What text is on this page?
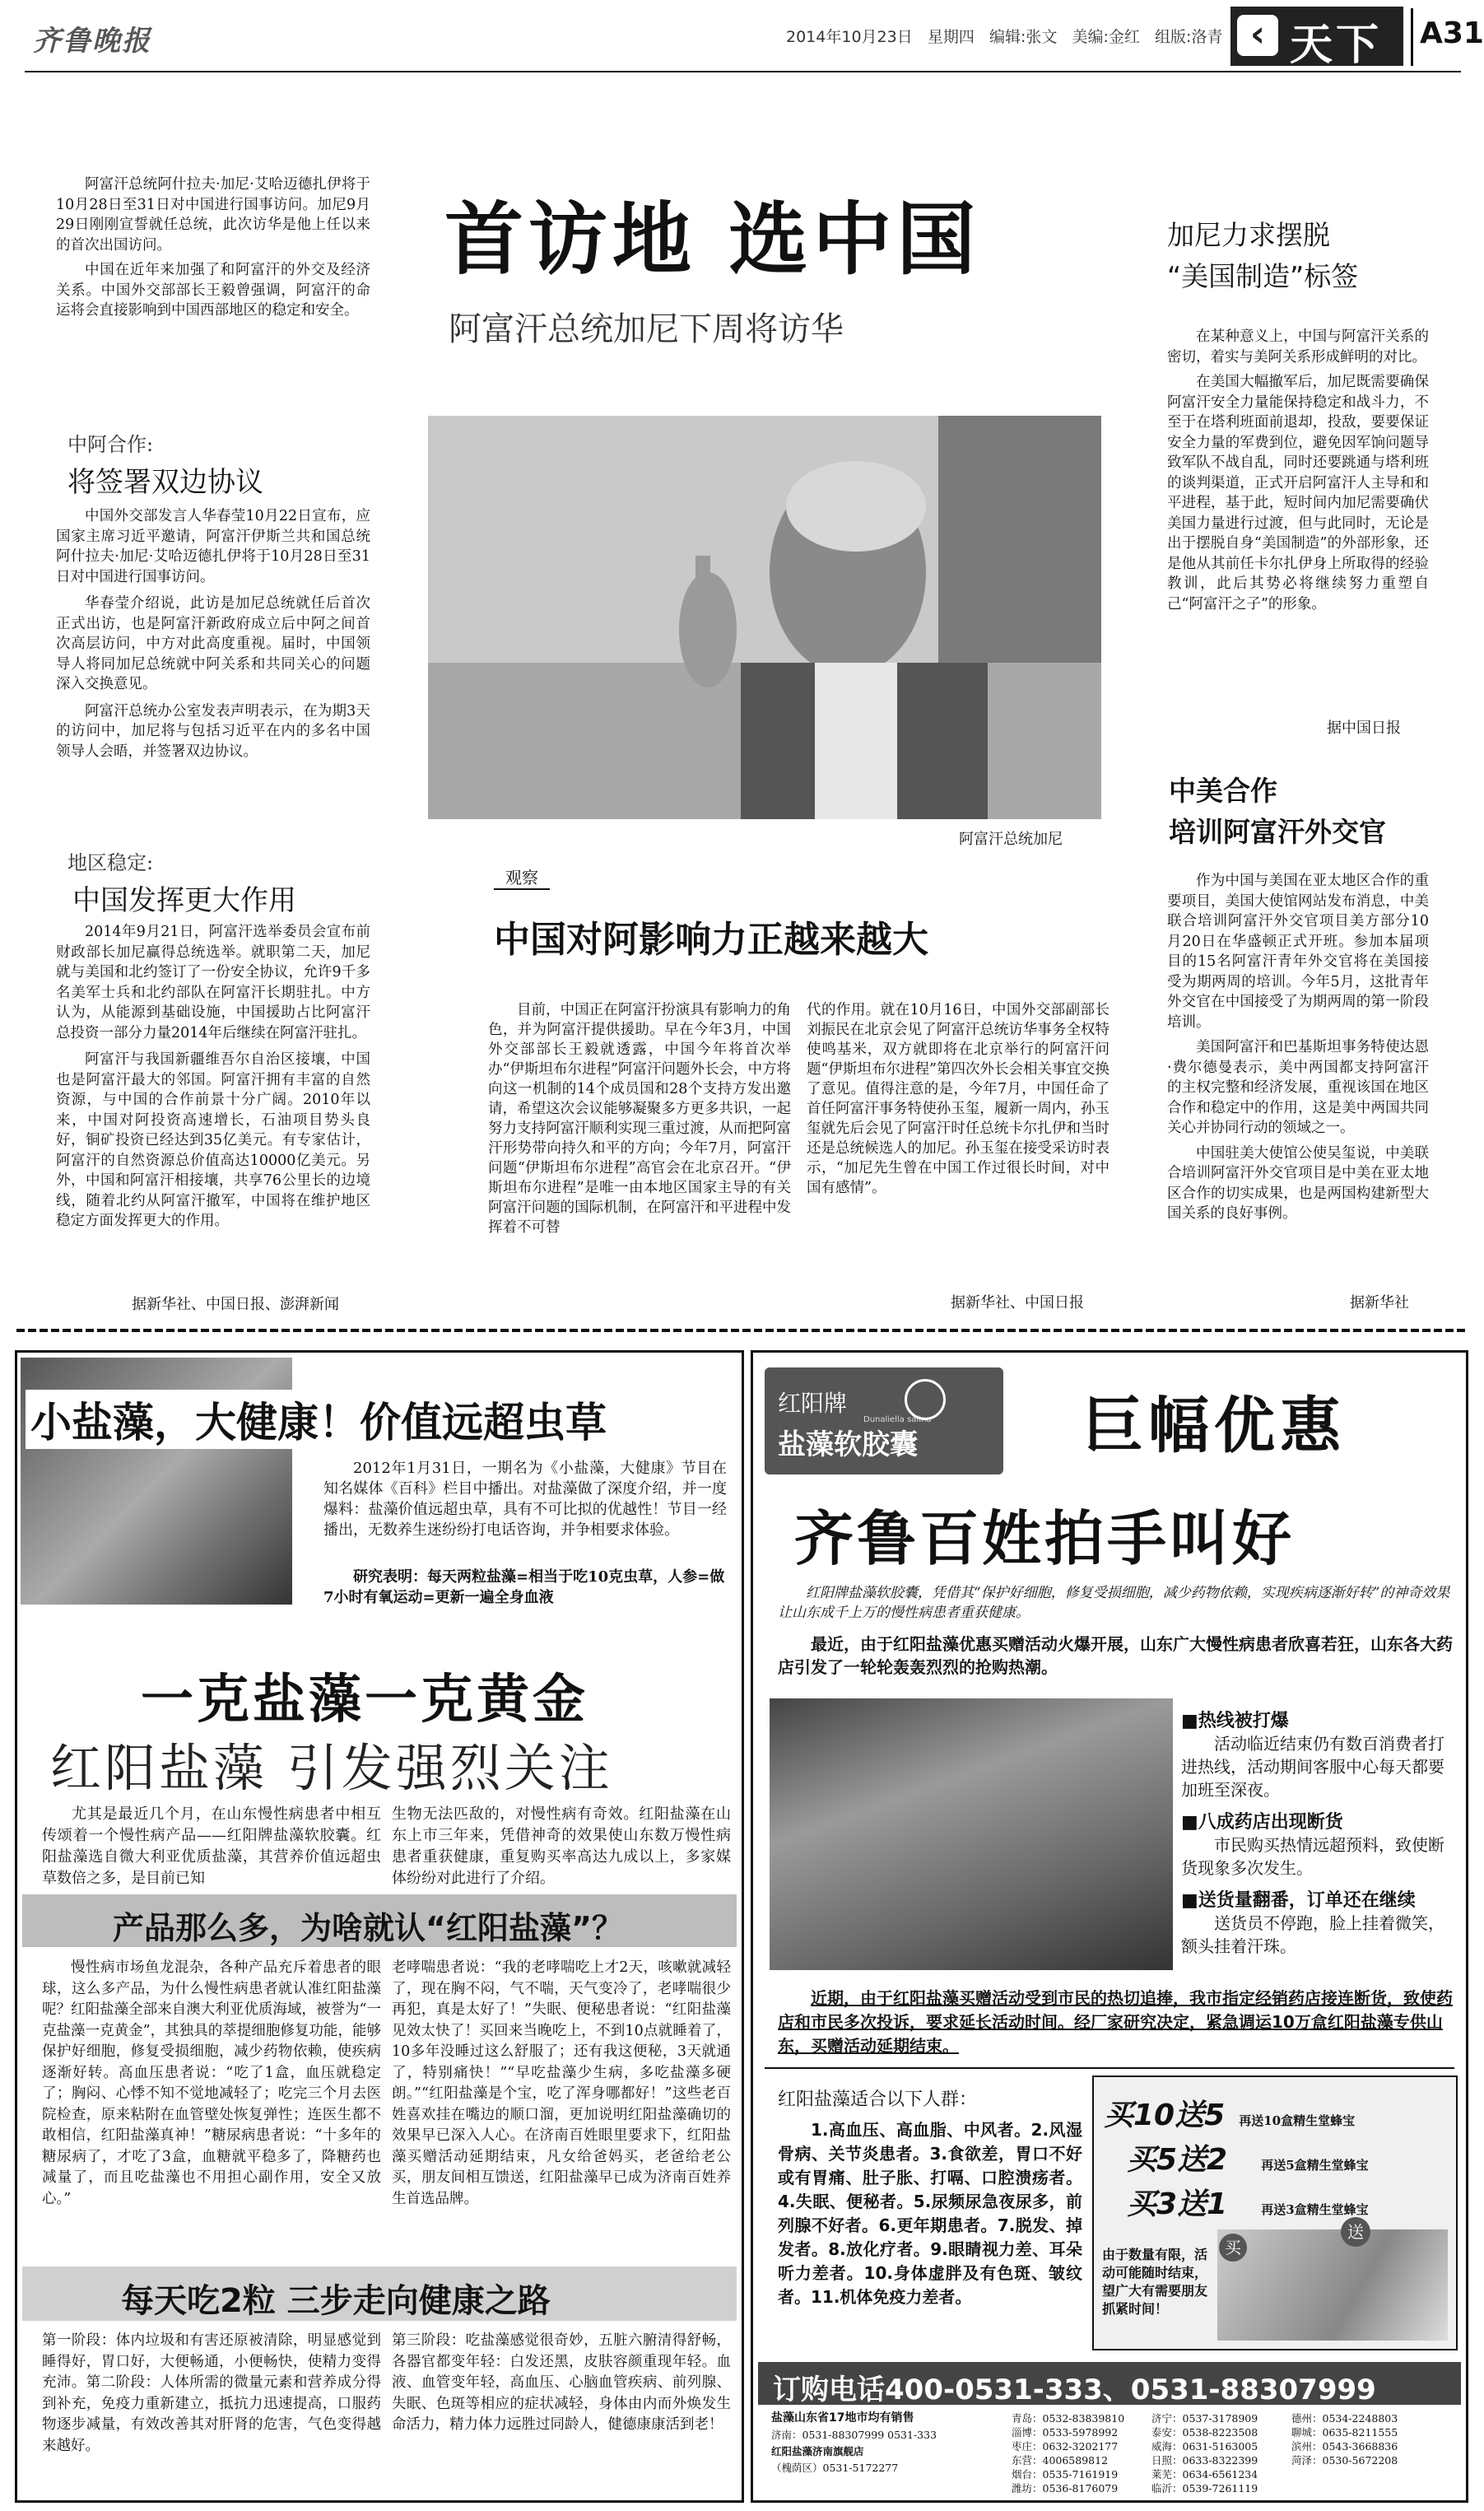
齐鲁晚报	2014年10月23日 星期四 编辑:张文 美编:金红 组版:洛青 ‹ 天下 A31

阿富汗总统阿什拉夫·加尼·艾哈迈德扎伊将于10月28日至31日对中国进行国事访问。加尼9月29日刚刚宣誓就任总统，此次访华是他上任以来的首次出国访问。

中国在近年来加强了和阿富汗的外交及经济关系。中国外交部部长王毅曾强调，阿富汗的命运将会直接影响到中国西部地区的稳定和安全。

中阿合作:
将签署双边协议

中国外交部发言人华春莹10月22日宣布，应国家主席习近平邀请，阿富汗伊斯兰共和国总统阿什拉夫·加尼·艾哈迈德扎伊将于10月28日至31日对中国进行国事访问。

华春莹介绍说，此访是加尼总统就任后首次正式出访，也是阿富汗新政府成立后中阿之间首次高层访问，中方对此高度重视。届时，中国领导人将同加尼总统就中阿关系和共同关心的问题深入交换意见。

阿富汗总统办公室发表声明表示，在为期3天的访问中，加尼将与包括习近平在内的多名中国领导人会晤，并签署双边协议。

地区稳定:
中国发挥更大作用

2014年9月21日，阿富汗选举委员会宣布前财政部长加尼赢得总统选举。就职第二天，加尼就与美国和北约签订了一份安全协议，允许9千多名美军士兵和北约部队在阿富汗长期驻扎。中方认为，从能源到基础设施，中国援助占比阿富汗总投资一部分力量2014年后继续在阿富汗驻扎。

阿富汗与我国新疆维吾尔自治区接壤，中国也是阿富汗最大的邻国。阿富汗拥有丰富的自然资源，与中国的合作前景十分广阔。2010年以来，中国对阿投资高速增长，石油项目势头良好，铜矿投资已经达到35亿美元。有专家估计，阿富汗的自然资源总价值高达10000亿美元。另外，中国和阿富汗相接壤，共享76公里长的边境线，随着北约从阿富汗撤军，中国将在维护地区稳定方面发挥更大的作用。

据新华社、中国日报、澎湃新闻
首访地 选中国
阿富汗总统加尼下周将访华
阿富汗总统加尼
观察
中国对阿影响力正越来越大
目前，中国正在阿富汗扮演具有影响力的角色，并为阿富汗提供援助。早在今年3月，中国外交部部长王毅就透露，中国今年将首次举办“伊斯坦布尔进程”阿富汗问题外长会，中方将向这一机制的14个成员国和28个支持方发出邀请，希望这次会议能够凝聚多方更多共识，一起努力支持阿富汗顺利实现三重过渡，从而把阿富汗形势带向持久和平的方向；今年7月，阿富汗问题“伊斯坦布尔进程”高官会在北京召开。“伊斯坦布尔进程”是唯一由本地区国家主导的有关阿富汗问题的国际机制，在阿富汗和平进程中发挥着不可替
代的作用。就在10月16日，中国外交部副部长刘振民在北京会见了阿富汗总统访华事务全权特使鸣基米，双方就即将在北京举行的阿富汗问题“伊斯坦布尔进程”第四次外长会相关事宜交换了意见。值得注意的是，今年7月，中国任命了首任阿富汗事务特使孙玉玺，履新一周内，孙玉玺就先后会见了阿富汗时任总统卡尔扎伊和当时还是总统候选人的加尼。孙玉玺在接受采访时表示，“加尼先生曾在中国工作过很长时间，对中国有感情”。
据新华社、中国日报
加尼力求摆脱
“美国制造”标签

在某种意义上，中国与阿富汗关系的密切，着实与美阿关系形成鲜明的对比。

在美国大幅撤军后，加尼既需要确保阿富汗安全力量能保持稳定和战斗力，不至于在塔利班面前退却，投敌，要要保证安全力量的军费到位，避免因军饷问题导致军队不战自乱，同时还要跳通与塔利班的谈判渠道，正式开启阿富汗人主导和和平进程，基于此，短时间内加尼需要确伏美国力量进行过渡，但与此同时，无论是出于摆脱自身“美国制造”的外部形象，还是他从其前任卡尔扎伊身上所取得的经验教训，此后其势必将继续努力重塑自己“阿富汗之子”的形象。

据中国日报
中美合作
培训阿富汗外交官

作为中国与美国在亚太地区合作的重要项目，美国大使馆网站发布消息，中美联合培训阿富汗外交官项目美方部分10月20日在华盛顿正式开班。参加本届项目的15名阿富汗青年外交官将在美国接受为期两周的培训。今年5月，这批青年外交官在中国接受了为期两周的第一阶段培训。

美国阿富汗和巴基斯坦事务特使达恩·费尔德曼表示，美中两国都支持阿富汗的主权完整和经济发展，重视该国在地区合作和稳定中的作用，这是美中两国共同关心并协同行动的领域之一。

中国驻美大使馆公使吴玺说，中美联合培训阿富汗外交官项目是中美在亚太地区合作的切实成果，也是两国构建新型大国关系的良好事例。

据新华社
小盐藻，大健康！价值远超虫草
2012年1月31日，一期名为《小盐藻，大健康》节目在知名媒体《百科》栏目中播出。对盐藻做了深度介绍，并一度爆料：盐藻价值远超虫草，具有不可比拟的优越性！节目一经播出，无数养生迷纷纷打电话咨询，并争相要求体验。
研究表明：每天两粒盐藻=相当于吃10克虫草，人参=做7小时有氧运动=更新一遍全身血液
一克盐藻一克黄金
红阳盐藻 引发强烈关注
尤其是最近几个月，在山东慢性病患者中相互传颂着一个慢性病产品——红阳牌盐藻软胶囊。红阳盐藻选自微大利亚优质盐藻，其营养价值远超虫草数倍之多，是目前已知
生物无法匹敌的，对慢性病有奇效。红阳盐藻在山东上市三年来，凭借神奇的效果使山东数万慢性病患者重获健康，重复购买率高达九成以上，多家媒体纷纷对此进行了介绍。
产品那么多，为啥就认“红阳盐藻”？
慢性病市场鱼龙混杂，各种产品充斥着患者的眼球，这么多产品，为什么慢性病患者就认准红阳盐藻呢？红阳盐藻全部来自澳大利亚优质海域，被誉为“一克盐藻一克黄金”，其独具的萃提细胞修复功能，能够保护好细胞，修复受损细胞，减少药物依赖，使疾病逐渐好转。高血压患者说：“吃了1盒，血压就稳定了；胸闷、心悸不知不觉地减轻了；吃完三个月去医院检查，原来粘附在血管壁处恢复弹性；连医生都不敢相信，红阳盐藻真神！”糖尿病患者说：“十多年的糖尿病了，才吃了3盒，血糖就平稳多了，降糖药也减量了，而且吃盐藻也不用担心副作用，安全又放心。”
老哮喘患者说：“我的老哮喘吃上才2天，咳嗽就减轻了，现在胸不闷，气不喘，天气变冷了，老哮喘很少再犯，真是太好了！”失眠、便秘患者说：“红阳盐藻见效太快了！买回来当晚吃上，不到10点就睡着了，10多年没睡过这么舒服了；还有我这便秘，3天就通了，特别痛快！”“早吃盐藻少生病，多吃盐藻多硬朗。”“红阳盐藻是个宝，吃了浑身哪都好！”这些老百姓喜欢挂在嘴边的顺口溜，更加说明红阳盐藻确切的效果早已深入人心。在济南百姓眼里要求下，红阳盐藻买赠活动延期结束，凡女给爸妈买，老爸给老公买，朋友间相互馈送，红阳盐藻早已成为济南百姓养生首选品牌。
每天吃2粒 三步走向健康之路
第一阶段：体内垃圾和有害还原被清除，明显感觉到睡得好，胃口好，大便畅通，小便畅快，使精力变得充沛。第二阶段：人体所需的微量元素和营养成分得到补充，免疫力重新建立，抵抗力迅速提高，口服药物逐步减量，有效改善其对肝肾的危害，气色变得越来越好。
第三阶段：吃盐藻感觉很奇妙，五脏六腑清得舒畅，各器官都变年轻：白发还黑，皮肤容颜重现年轻。血液、血管变年轻，高血压、心脑血管疾病、前列腺、失眠、色斑等相应的症状减轻，身体由内而外焕发生命活力，精力体力远胜过同龄人，健德康康活到老！
红阳牌
盐藻软胶囊
Dunaliella salina 巨幅优惠
齐鲁百姓拍手叫好
红阳牌盐藻软胶囊，凭借其“保护好细胞，修复受损细胞，减少药物依赖，实现疾病逐渐好转”的神奇效果让山东成千上万的慢性病患者重获健康。
最近，由于红阳盐藻优惠买赠活动火爆开展，山东广大慢性病患者欣喜若狂，山东各大药店引发了一轮轮轰轰烈烈的抢购热潮。
■热线被打爆
活动临近结束仍有数百消费者打进热线，活动期间客服中心每天都要加班至深夜。
■八成药店出现断货
市民购买热情远超预料，致使断货现象多次发生。
■送货量翻番，订单还在继续
送货员不停跑，脸上挂着微笑，额头挂着汗珠。
近期，由于红阳盐藻买赠活动受到市民的热切追捧，我市指定经销药店接连断货，致使药店和市民多次投诉，要求延长活动时间。经厂家研究决定，紧急调运10万盒红阳盐藻专供山东，买赠活动延期结束。
红阳盐藻适合以下人群：
1.高血压、高血脂、中风者。2.风湿骨病、关节炎患者。3.食欲差，胃口不好或有胃痛、肚子胀、打嗝、口腔溃疡者。4.失眠、便秘者。5.尿频尿急夜尿多，前列腺不好者。6.更年期患者。7.脱发、掉发者。8.放化疗者。9.眼睛视力差、耳朵听力差者。10.身体虚胖及有色斑、皱纹者。11.机体免疫力差者。
买10送5 再送10盒精生堂蜂宝
买5送2	再送5盒精生堂蜂宝
买3送1	再送3盒精生堂蜂宝
由于数量有限，活动可能随时结束，望广大有需要朋友抓紧时间！
买
送
订购电话400-0531-333、0531-88307999
盐藻山东省17地市均有销售
济南：0531-88307999 0531-333
红阳盐藻济南旗舰店
（槐荫区）0531-5172277
青岛：0532-83839810
淄博：0533-5978992
枣庄：0632-3202177
东营：4006589812
烟台：0535-7161919
潍坊：0536-8176079
济宁：0537-3178909
泰安：0538-8223508
威海：0631-5163005
日照：0633-8322399
莱芜：0634-6561234
临沂：0539-7261119
德州：0534-2248803
聊城：0635-8211555
滨州：0543-3668836
菏泽：0530-5672208
